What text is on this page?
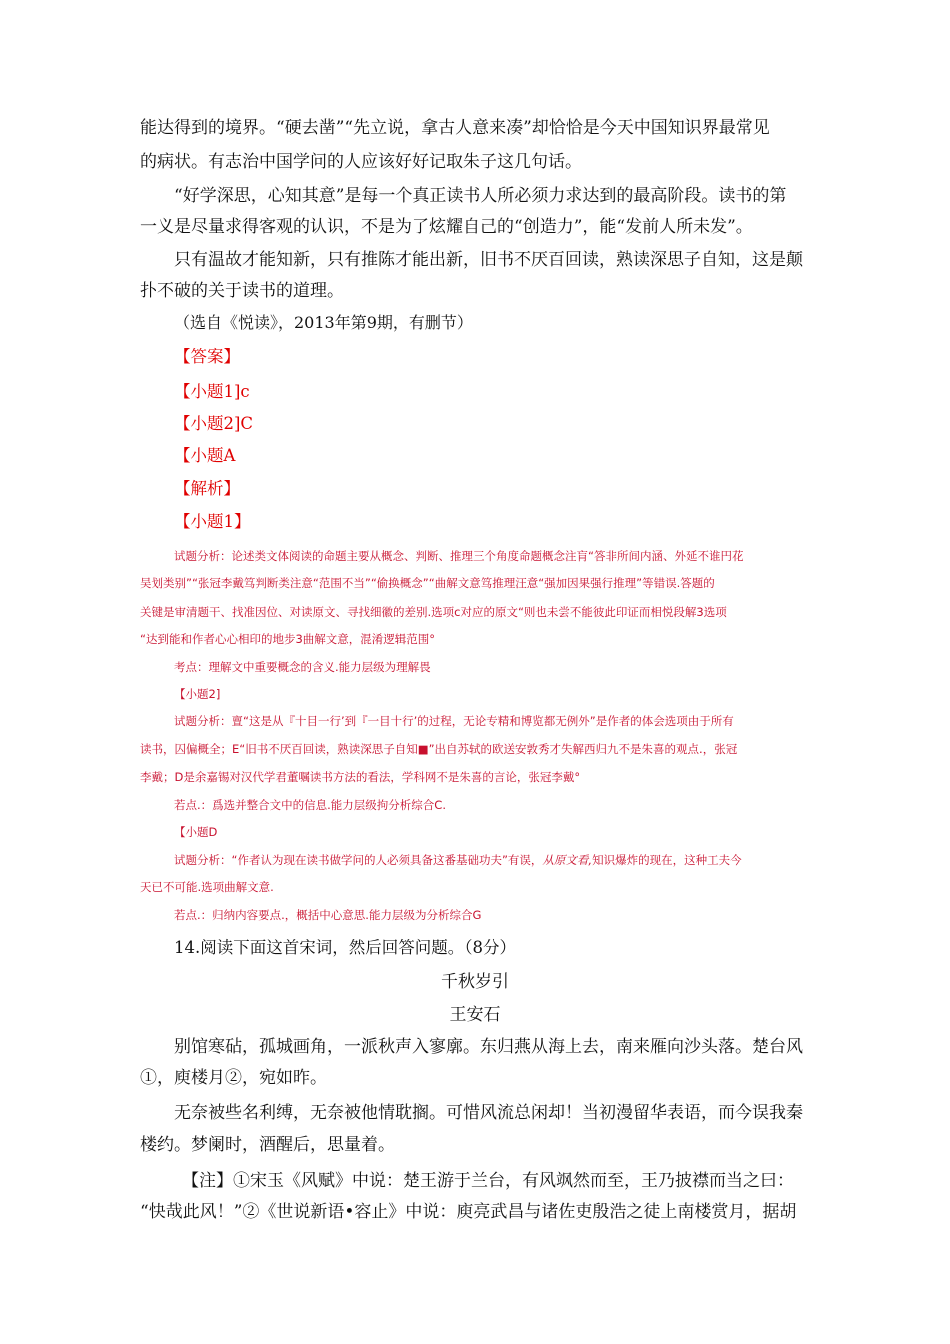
能达得到的境界。“硬去凿”“先立说，拿古人意来凑”却恰恰是今天中国知识界最常见
的病状。有志治中国学问的人应该好好记取朱子这几句话。
“好学深思，心知其意”是每一个真正读书人所必须力求达到的最高阶段。读书的第
一义是尽量求得客观的认识，不是为了炫耀自己的“创造力”，能“发前人所未发”。
只有温故才能知新，只有推陈才能出新，旧书不厌百回读，熟读深思子自知，这是颠
扑不破的关于读书的道理。
（选自《悦读》，2013年第9期，有删节）
【答案】
【小题1]c
【小题2]C
【小题A
【解析】
【小题1】
试题分析：论述类文体阅读的命题主要从概念、判断、推理三个角度命题概念注肓“答非所间内涵、外延不谁円花
吴划类别”“张冠李戴笃判断类注意“范围不当”“偷换概念”“曲解文意笃推理汪意“强加因果强行推理”等错误.答题的
关键是审清题干、找准因位、对读原文、寻找细徽的差别.选项c对应的原文“则也未尝不能彼此印证而相悦段解3选项
“达到能和作者心心相印的地步3曲解文意，混淆逻辑范围°
考点：理解文中重要概念的含义.能力层级为理解畏
【小题2]
试题分析：亶“这是从『十目一行’到『一目十行’的过程，无论专精和博览都无例外”是作者的体会选项由于所有
读书，囚偏概全；E“旧书不厌百回读，熟读深思子自知■”出自苏轼的欧送安敦秀才失解西归九不是朱喜的观点.，张冠
李戴；D是余嘉锡对汉代学君董嘱读书方法的看法，学科网不是朱喜的言论，张冠李戴°
若点.：爲选并整合文中的信息.能力层级拘分析综合C.
【小题D
试题分析：“作者认为现在读书做学问的人必须具备这番基础功夫”有误，从原文看,知识爆炸的现在，这种工夫今
天已不可能.选项曲解文意.
若点.：归纳内容要点.，概括中心意思.能力层级为分析综合G
14.阅读下面这首宋词，然后回答问题。（8分）
千秋岁引
王安石
别馆寒砧，孤城画角，一派秋声入寥廓。东归燕从海上去，南来雁向沙头落。楚台风
①，庾楼月②，宛如昨。
无奈被些名利缚，无奈被他情耽搁。可惜风流总闲却！当初漫留华表语，而今误我秦
楼约。梦阑时，酒醒后，思量着。
【注】①宋玉《风赋》中说：楚王游于兰台，有风飒然而至，王乃披襟而当之曰：
“快哉此风！”②《世说新语•容止》中说：庾亮武昌与诸佐吏殷浩之徒上南楼赏月，据胡
